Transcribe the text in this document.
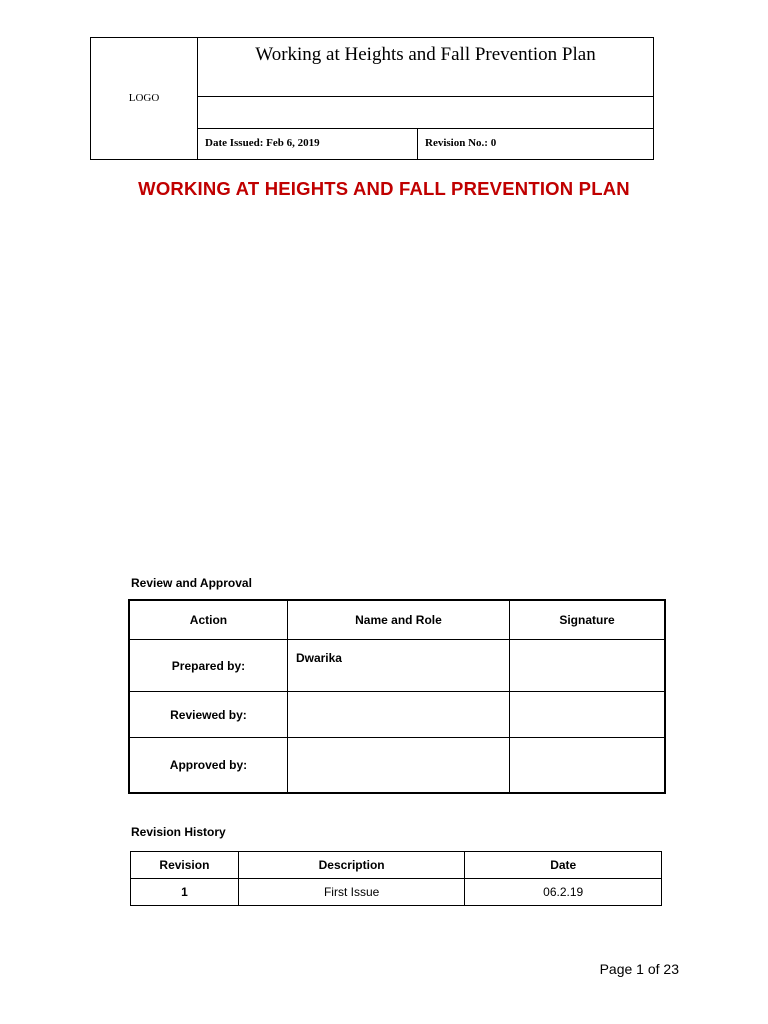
LOGO
Working at Heights and Fall Prevention Plan
Date Issued: Feb 6, 2019	Revision No.: 0
WORKING AT HEIGHTS AND FALL PREVENTION PLAN
Review and Approval
Action	Name and Role	Signature
Prepared by:	Dwarika	
Reviewed by:		
Approved by:		
Revision History
Revision	Description	Date
1	First Issue	06.2.19
Page 1 of 23
